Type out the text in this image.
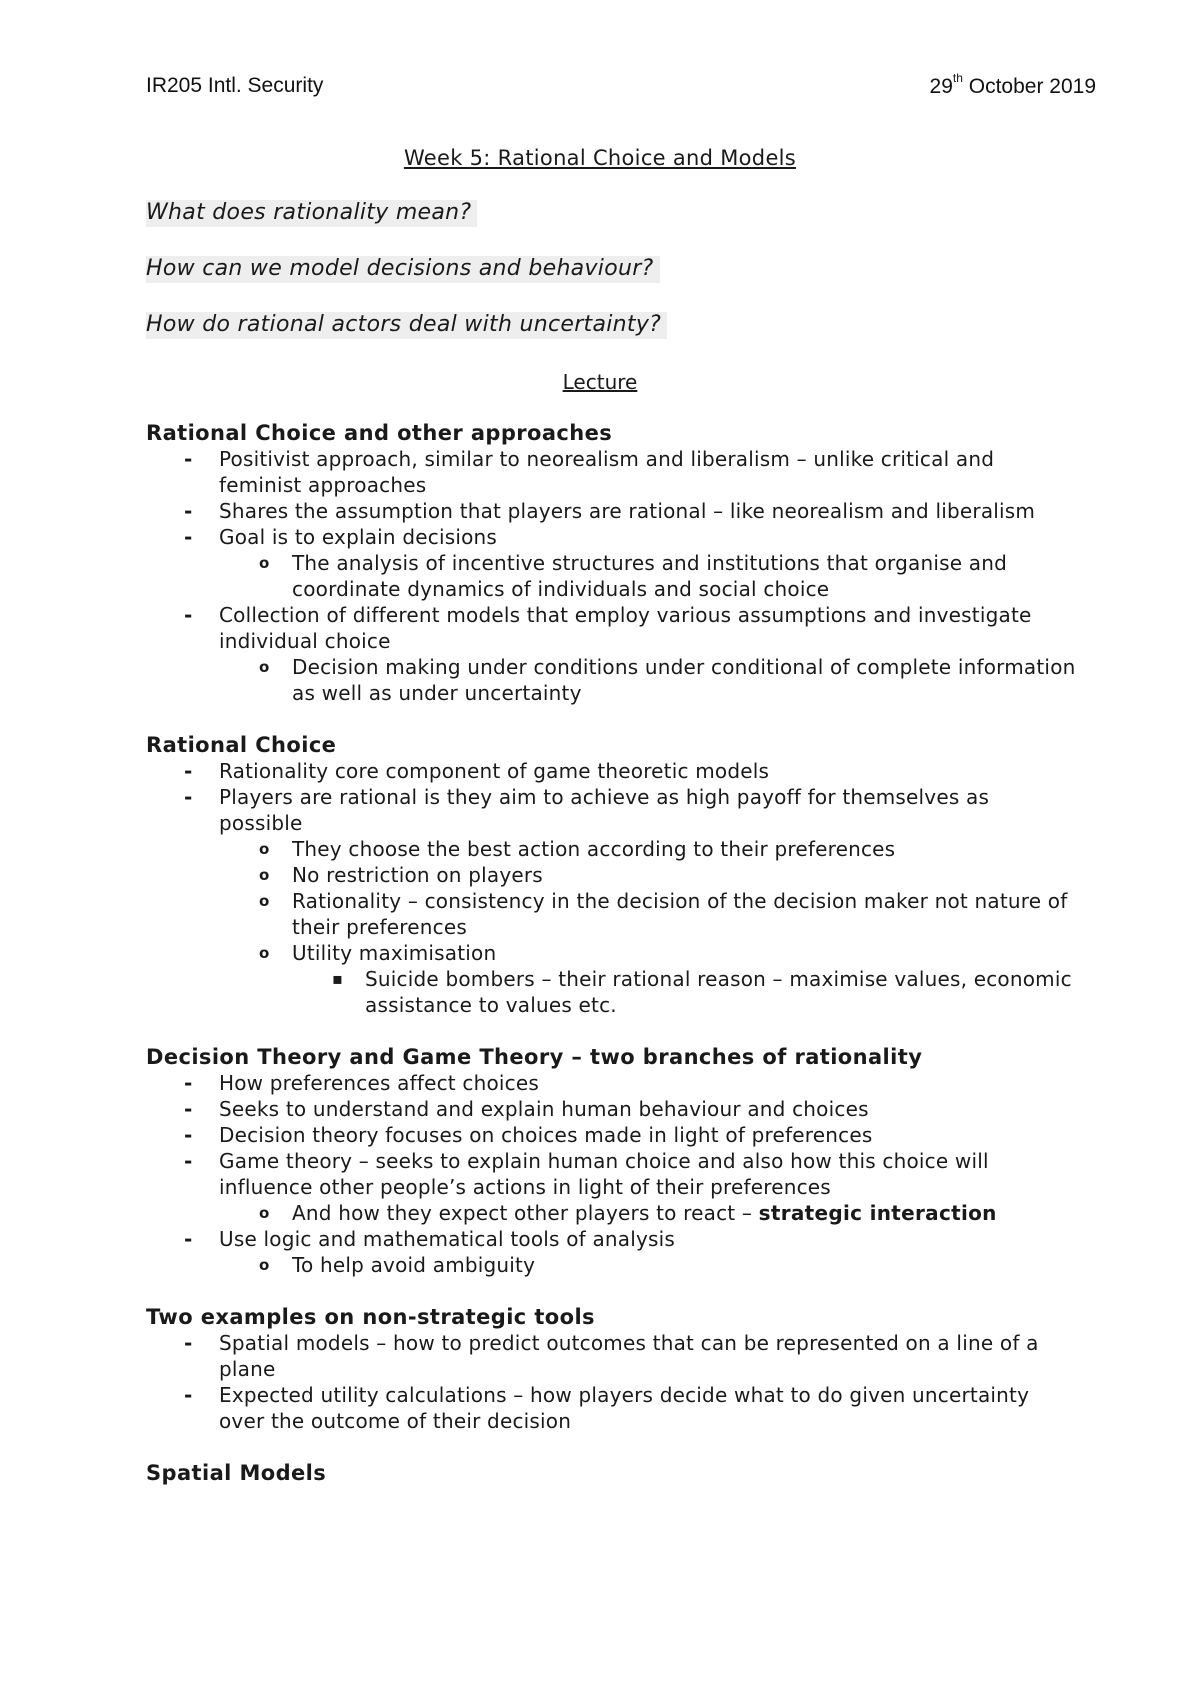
IR205 Intl. Security	29th October 2019
Week 5: Rational Choice and Models
What does rationality mean?
How can we model decisions and behaviour?
How do rational actors deal with uncertainty?
Lecture
Rational Choice and other approaches
- Positivist approach, similar to neorealism and liberalism – unlike critical and feminist approaches
- Shares the assumption that players are rational – like neorealism and liberalism
- Goal is to explain decisions
o The analysis of incentive structures and institutions that organise and coordinate dynamics of individuals and social choice
- Collection of different models that employ various assumptions and investigate individual choice
o Decision making under conditions under conditional of complete information as well as under uncertainty
Rational Choice
- Rationality core component of game theoretic models
- Players are rational is they aim to achieve as high payoff for themselves as possible
o They choose the best action according to their preferences
o No restriction on players
o Rationality – consistency in the decision of the decision maker not nature of their preferences
o Utility maximisation
▪ Suicide bombers – their rational reason – maximise values, economic assistance to values etc.
Decision Theory and Game Theory – two branches of rationality
- How preferences affect choices
- Seeks to understand and explain human behaviour and choices
- Decision theory focuses on choices made in light of preferences
- Game theory – seeks to explain human choice and also how this choice will influence other people’s actions in light of their preferences
o And how they expect other players to react – strategic interaction
- Use logic and mathematical tools of analysis
o To help avoid ambiguity
Two examples on non-strategic tools
- Spatial models – how to predict outcomes that can be represented on a line of a plane
- Expected utility calculations – how players decide what to do given uncertainty over the outcome of their decision
Spatial Models
